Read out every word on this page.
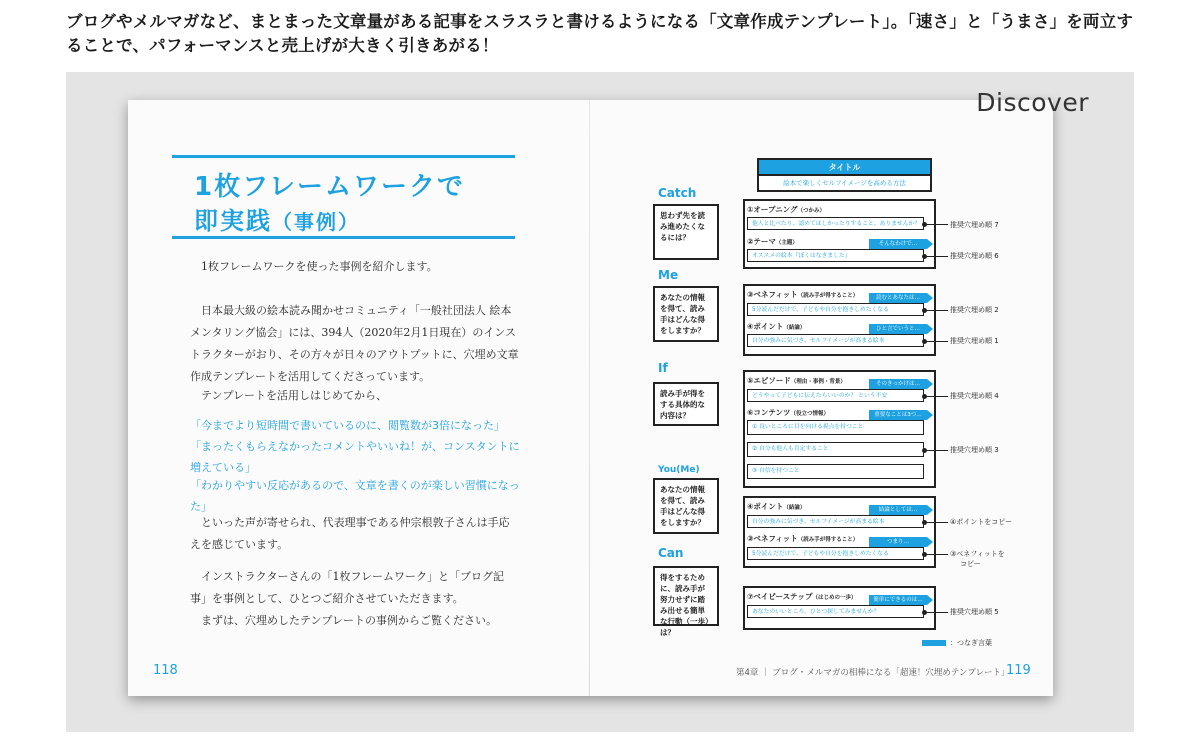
ブログやメルマガなど、まとまった文章量がある記事をスラスラと書けるようになる「文章作成テンプレート」。「速さ」と「うまさ」を両立することで、パフォーマンスと売上げが大きく引きあがる！
Discover
1枚フレームワークで
即実践（事例）
1枚フレームワークを使った事例を紹介します。
日本最大級の絵本読み聞かせコミュニティ「一般社団法人 絵本メンタリング協会」には、394人（2020年2月1日現在）のインストラクターがおり、その方々が日々のアウトプットに、穴埋め文章作成テンプレートを活用してくださっています。
テンプレートを活用しはじめてから、
「今までより短時間で書いているのに、閲覧数が3倍になった」
「まったくもらえなかったコメントやいいね！が、コンスタントに増えている」
「わかりやすい反応があるので、文章を書くのが楽しい習慣になった」
といった声が寄せられ、代表理事である仲宗根敦子さんは手応えを感じています。
インストラクターさんの「1枚フレームワーク」と「ブログ記事」を事例として、ひとつご紹介させていただきます。
まずは、穴埋めしたテンプレートの事例からご覧ください。
118
タイトル
絵本で楽しくセルフイメージを高める方法
Catch
思わず先を読み進めたくなるには？
①オープニング（つかみ）
他人と比べたり、認めてほしかったりすること、ありませんか？
②テーマ（主題）	そんなわけで…
オススメの絵本『ぼくはなきました』
Me
あなたの情報を得て、読み手はどんな得をしますか？
③ベネフィット（読み手が得すること）	読むとあなたは…
5分読んだだけで、子どもや自分を抱きしめたくなる
④ポイント（結論）	ひと言でいうと…
自分の強みに気づき、セルフイメージが高まる絵本
If
読み手が得をする具体的な内容は？
⑤エピソード（理由・事例・背景）	そのきっかけは…
どうやって子どもに伝えたらいいのか？ という不安
⑥コンテンツ（役立つ情報）	重要なことは3つ…
① 良いところに目を向ける視点を持つこと
② 自分も他人も肯定すること
③ 自信を持つこと
You(Me)
あなたの情報を得て、読み手はどんな得をしますか？
④ポイント（結論）	結論としては…
自分の強みに気づき、セルフイメージが高まる絵本
③ベネフィット（読み手が得すること）	つまり…
5分読んだだけで、子どもや自分を抱きしめたくなる
Can
得をするために、読み手が努力せずに踏み出せる簡単な行動（一歩）は？
⑦ベイビーステップ（はじめの一歩）	簡単にできるのは…
あなたのいいところ、ひとつ探してみませんか？
推奨穴埋め順 7
推奨穴埋め順 6
推奨穴埋め順 2
推奨穴埋め順 1
推奨穴埋め順 4
推奨穴埋め順 3
④ポイントをコピー
③ベネフィットを
コピー
推奨穴埋め順 5
：つなぎ言葉
第4章 ｜ ブログ・メルマガの相棒になる「超速！穴埋めテンプレート」
119
